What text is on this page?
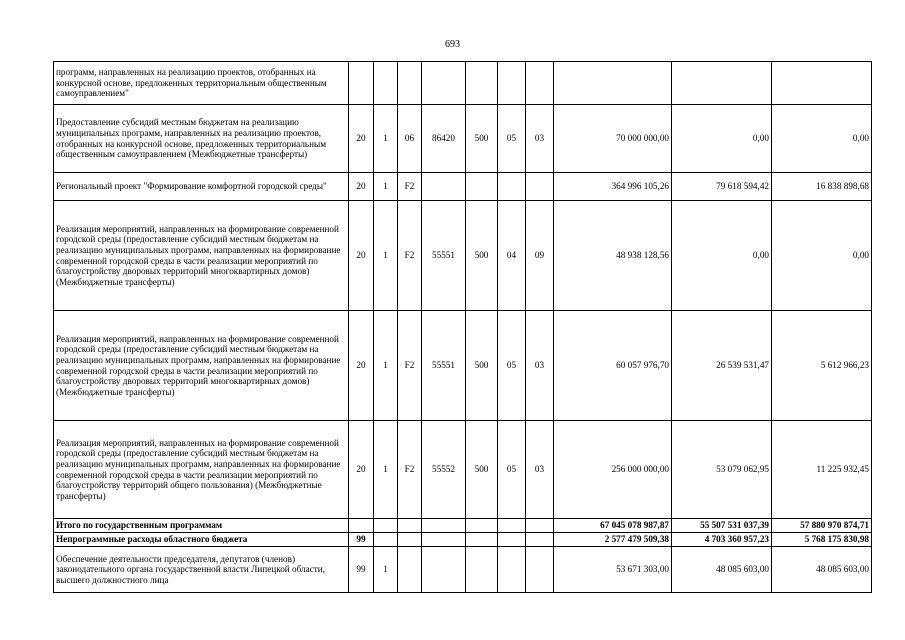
693
программ, направленных на реализацию проектов, отобранных на конкурсной основе, предложенных территориальным общественным самоуправлением"										
Предоставление субсидий местным бюджетам на реализацию муниципальных программ, направленных на реализацию проектов, отобранных на конкурсной основе, предложенных территориальным общественным самоуправлением (Межбюджетные трансферты)	20	1	06	86420	500	05	03	70 000 000,00	0,00	0,00
Региональный проект "Формирование комфортной городской среды"	20	1	F2					364 996 105,26	79 618 594,42	16 838 898,68
Реализация мероприятий, направленных на формирование современной городской среды (предоставление субсидий местным бюджетам на реализацию муниципальных программ, направленных на формирование современной городской среды в части реализации мероприятий по благоустройству дворовых территорий многоквартирных домов) (Межбюджетные трансферты)	20	1	F2	55551	500	04	09	48 938 128,56	0,00	0,00
Реализация мероприятий, направленных на формирование современной городской среды (предоставление субсидий местным бюджетам на реализацию муниципальных программ, направленных на формирование современной городской среды в части реализации мероприятий по благоустройству дворовых территорий многоквартирных домов) (Межбюджетные трансферты)	20	1	F2	55551	500	05	03	60 057 976,70	26 539 531,47	5 612 966,23
Реализация мероприятий, направленных на формирование современной городской среды (предоставление субсидий местным бюджетам на реализацию муниципальных программ, направленных на формирование современной городской среды в части реализации мероприятий по благоустройству территорий общего пользования) (Межбюджетные трансферты)	20	1	F2	55552	500	05	03	256 000 000,00	53 079 062,95	11 225 932,45
Итого по государственным программам								67 045 078 987,87	55 507 531 037,39	57 880 970 874,71
Непрограммные расходы областного бюджета	99							2 577 479 509,38	4 703 360 957,23	5 768 175 830,98
Обеспечение деятельности председателя, депутатов (членов) законодательного органа государственной власти Липецкой области, высшего должностного лица	99	1						53 671 303,00	48 085 603,00	48 085 603,00
